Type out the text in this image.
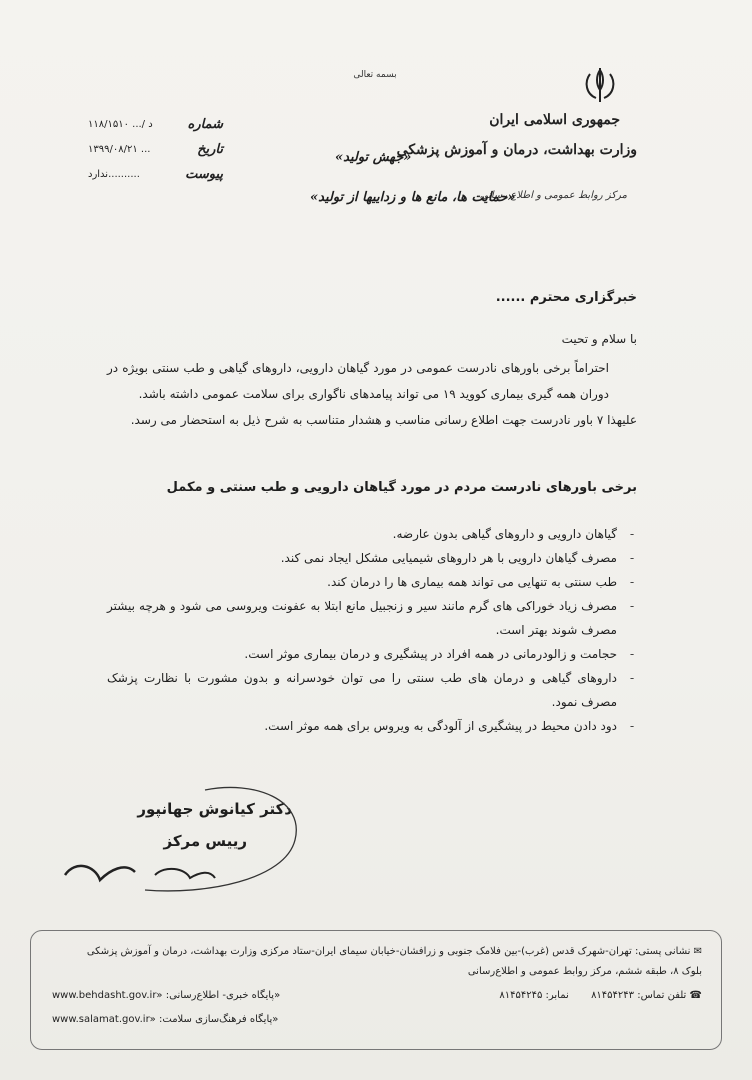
بسمه تعالی
جمهوری اسلامی ایران
وزارت بهداشت، درمان و آموزش پزشکی
مرکز روابط عمومی و اطلاع رسانی
شماره
۱۱۸/۱۵۱۰ .../ د
تاریخ
۱۳۹۹/۰۸/۲۱ ...
پیوست
ندارد..........
«جهش تولید»
«حمایت ها، مانع ها و زداییها از تولید»
خبرگزاری محترم ......
با سلام و تحیت

احتراماً برخی باورهای نادرست عمومی در مورد گیاهان دارویی، داروهای گیاهی و طب سنتی بویژه در دوران همه گیری بیماری کووید ۱۹ می تواند پیامدهای ناگواری برای سلامت عمومی داشته باشد.

علیهذا ۷ باور نادرست جهت اطلاع رسانی مناسب و هشدار متناسب به شرح ذیل به استحضار می رسد.

برخی باورهای نادرست مردم در مورد گیاهان دارویی و طب سنتی و مکمل
-
گیاهان دارویی و داروهای گیاهی بدون عارضه.
-
مصرف گیاهان دارویی با هر داروهای شیمیایی مشکل ایجاد نمی کند.
-
طب سنتی به تنهایی می تواند همه بیماری ها را درمان کند.
-
مصرف زیاد خوراکی های گرم مانند سیر و زنجبیل مانع ابتلا به عفونت ویروسی می شود و هرچه بیشتر مصرف شوند بهتر است.
-
حجامت و زالودرمانی در همه افراد در پیشگیری و درمان بیماری موثر است.
-
داروهای گیاهی و درمان های طب سنتی را می توان خودسرانه و بدون مشورت با نظارت پزشک مصرف نمود.
-
دود دادن محیط در پیشگیری از آلودگی به ویروس برای همه موثر است.
دکتر کیانوش جهانپور
رییس مرکز
✉ نشانی پستی: تهران-شهرک قدس (غرب)-بین فلامک جنوبی و زرافشان-خیابان سیمای ایران-ستاد مرکزی وزارت بهداشت، درمان و آموزش پزشکی
بلوک ۸، طبقه ششم، مرکز روابط عمومی و اطلاع‌رسانی
☎ تلفن تماس: ۸۱۴۵۴۲۴۳       نمابر: ۸۱۴۵۴۲۴۵
«پایگاه خبری- اطلاع‌رسانی: www.behdasht.gov.ir»
«پایگاه فرهنگ‌سازی سلامت: www.salamat.gov.ir»
